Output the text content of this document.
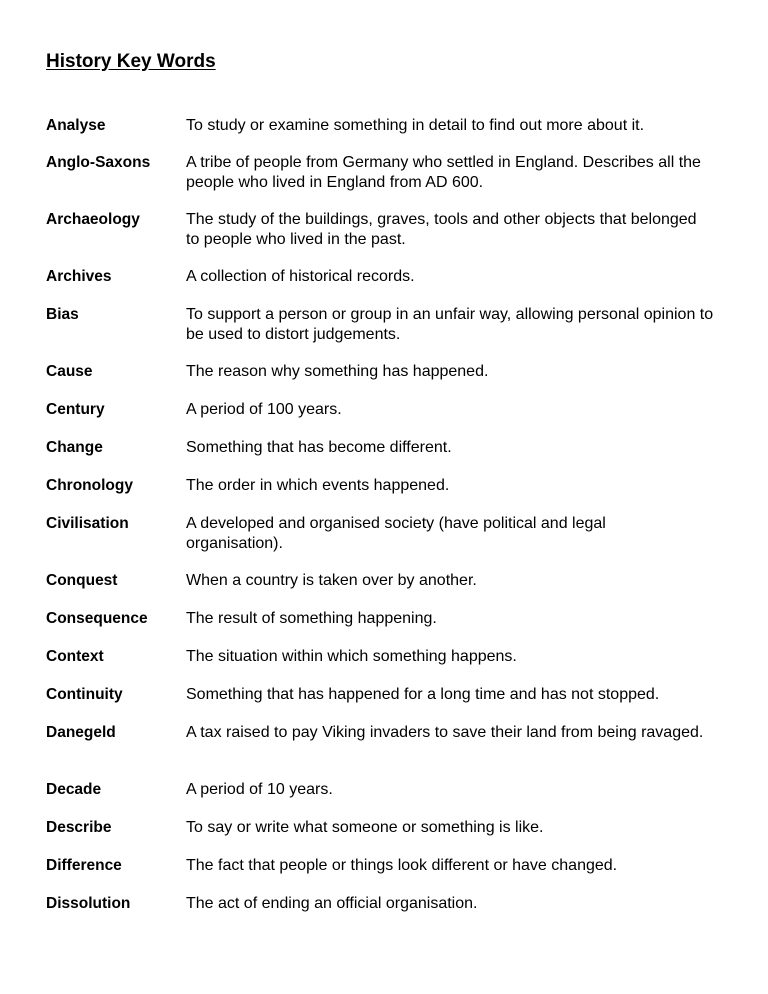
History Key Words
Analyse	To study or examine something in detail to find out more about it.
Anglo-Saxons A tribe of people from Germany who settled in England. Describes all the people who lived in England from AD 600.
Archaeology	The study of the buildings, graves, tools and other objects that belonged to people who lived in the past.
Archives	A collection of historical records.
Bias	To support a person or group in an unfair way, allowing personal opinion to be used to distort judgements.
Cause	The reason why something has happened.
Century	A period of 100 years.
Change	Something that has become different.
Chronology	The order in which events happened.
Civilisation	A developed and organised society (have political and legal organisation).
Conquest	When a country is taken over by another.
Consequence The result of something happening.
Context	The situation within which something happens.
Continuity	Something that has happened for a long time and has not stopped.
Danegeld	A tax raised to pay Viking invaders to save their land from being ravaged.
Decade	A period of 10 years.
Describe	To say or write what someone or something is like.
Difference	The fact that people or things look different or have changed.
Dissolution	The act of ending an official organisation.
